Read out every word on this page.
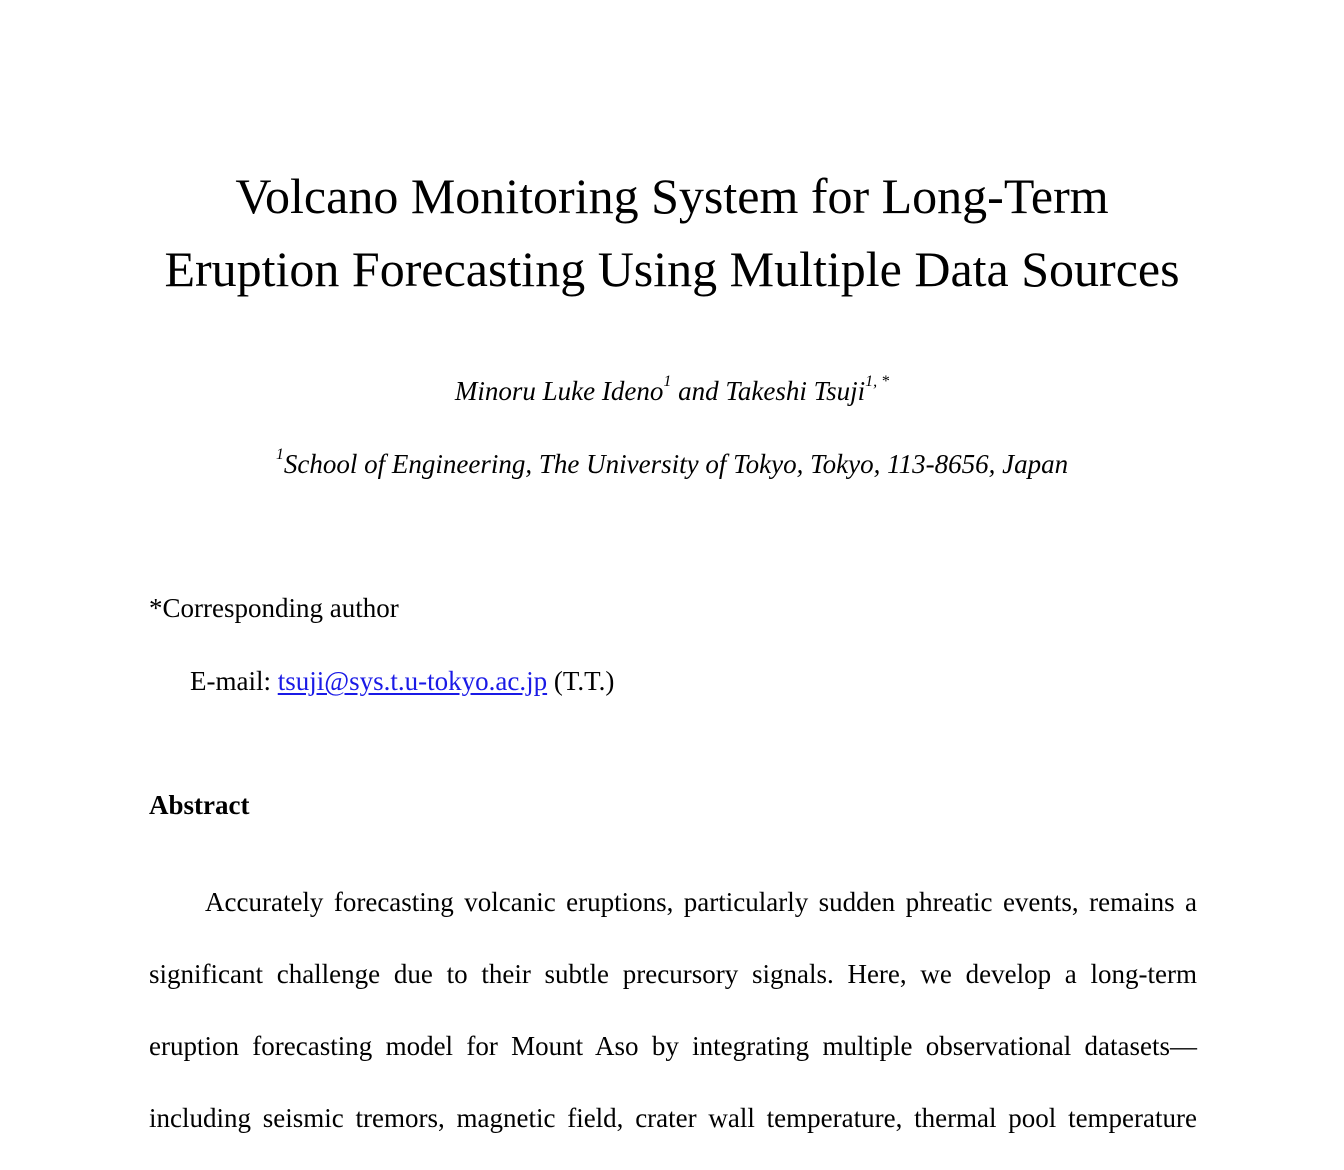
Volcano Monitoring System for Long-Term
Eruption Forecasting Using Multiple Data Sources
Minoru Luke Ideno$^1$ and Takeshi Tsuji$^{1, *}$
$^1$School of Engineering, The University of Tokyo, Tokyo, 113-8656, Japan
*Corresponding author
E-mail: tsuji@sys.t.u-tokyo.ac.jp (T.T.)
Abstract
Accurately forecasting volcanic eruptions, particularly sudden phreatic events, remains a
significant challenge due to their subtle precursory signals. Here, we develop a long-term
eruption forecasting model for Mount Aso by integrating multiple observational datasets—
including seismic tremors, magnetic field, crater wall temperature, thermal pool temperature
